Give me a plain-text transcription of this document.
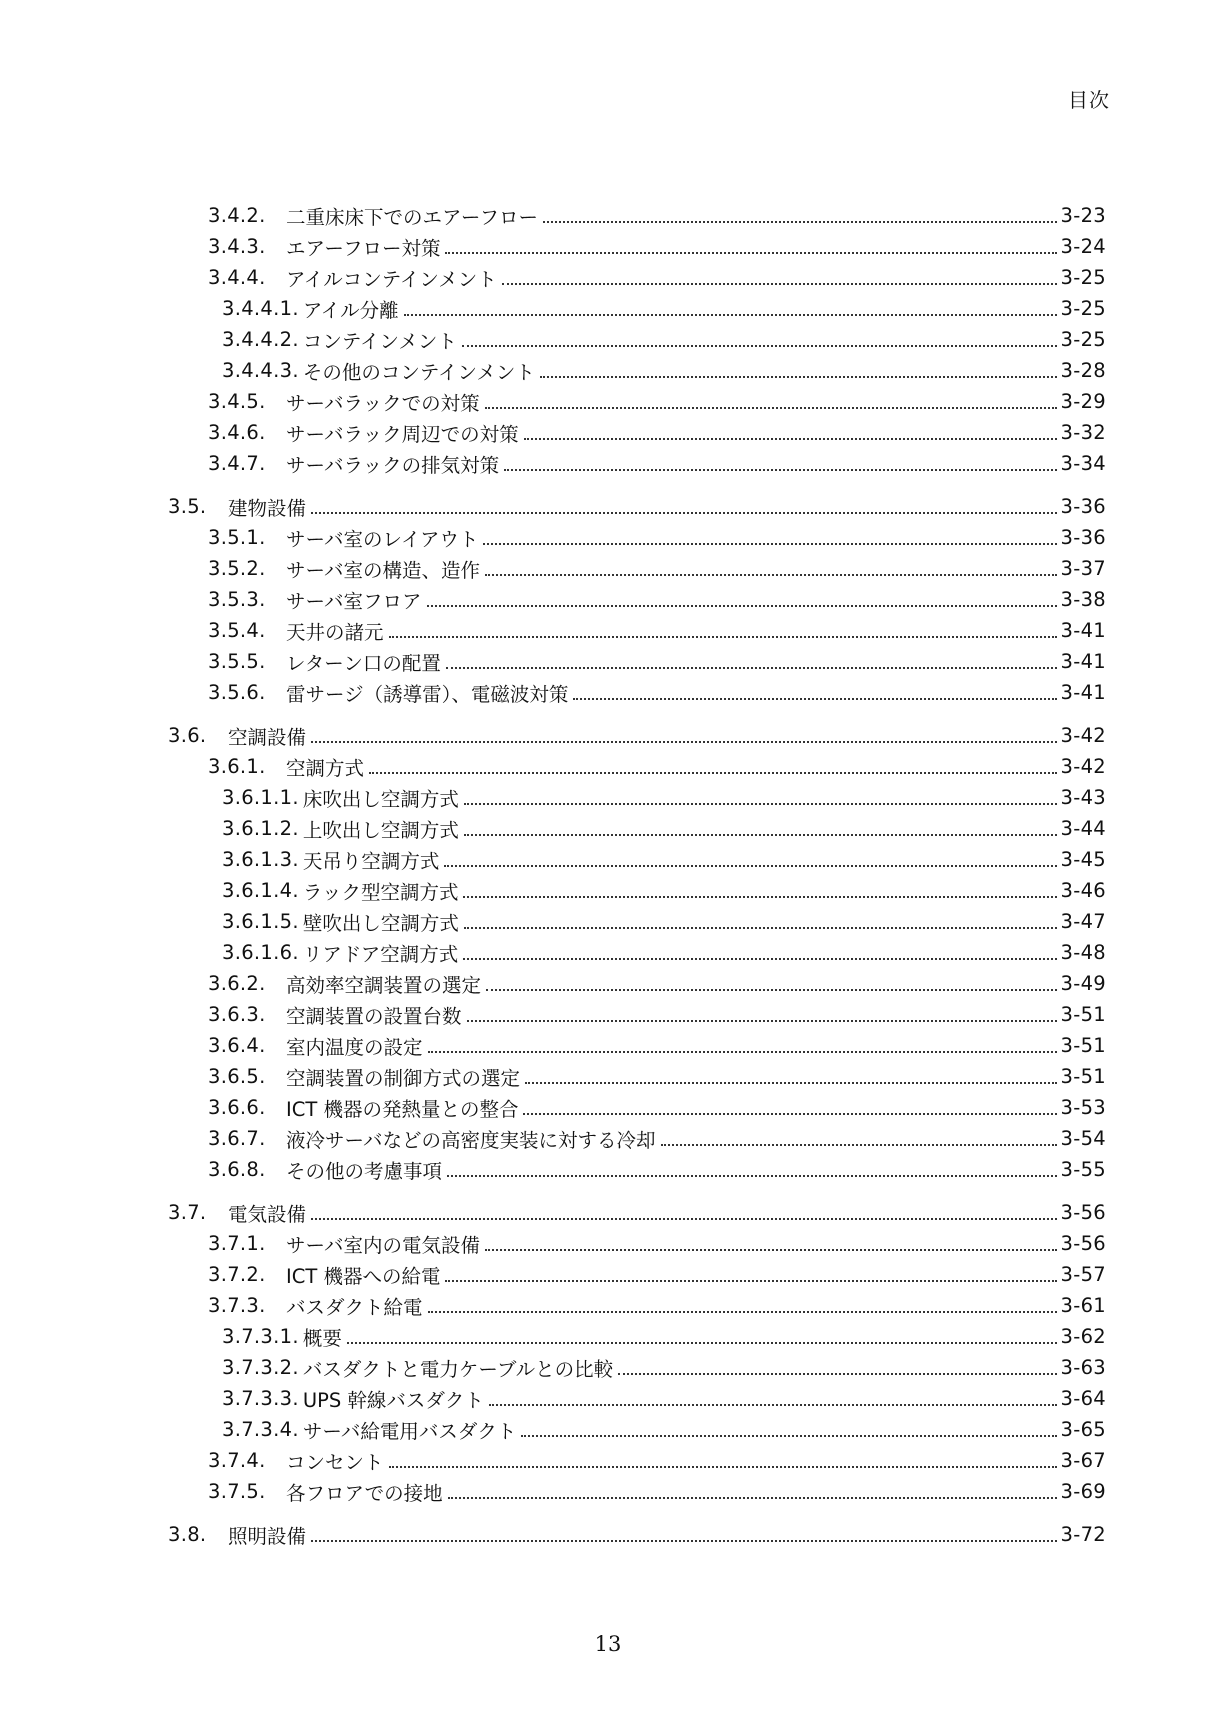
目次
3.4.2.	二重床床下でのエアーフロー	3-23
3.4.3.	エアーフロー対策	3-24
3.4.4.	アイルコンテインメント	3-25
3.4.4.1. アイル分離	3-25
3.4.4.2. コンテインメント	3-25
3.4.4.3. その他のコンテインメント	3-28
3.4.5.	サーバラックでの対策	3-29
3.4.6.	サーバラック周辺での対策	3-32
3.4.7.	サーバラックの排気対策	3-34
3.5.	建物設備	3-36
3.5.1.	サーバ室のレイアウト	3-36
3.5.2.	サーバ室の構造、造作	3-37
3.5.3.	サーバ室フロア	3-38
3.5.4.	天井の諸元	3-41
3.5.5.	レターン口の配置	3-41
3.5.6.	雷サージ（誘導雷）、電磁波対策	3-41
3.6.	空調設備	3-42
3.6.1.	空調方式	3-42
3.6.1.1. 床吹出し空調方式	3-43
3.6.1.2. 上吹出し空調方式	3-44
3.6.1.3. 天吊り空調方式	3-45
3.6.1.4. ラック型空調方式	3-46
3.6.1.5. 壁吹出し空調方式	3-47
3.6.1.6. リアドア空調方式	3-48
3.6.2.	高効率空調装置の選定	3-49
3.6.3.	空調装置の設置台数	3-51
3.6.4.	室内温度の設定	3-51
3.6.5.	空調装置の制御方式の選定	3-51
3.6.6.	ICT 機器の発熱量との整合	3-53
3.6.7.	液冷サーバなどの高密度実装に対する冷却	3-54
3.6.8.	その他の考慮事項	3-55
3.7.	電気設備	3-56
3.7.1.	サーバ室内の電気設備	3-56
3.7.2.	ICT 機器への給電	3-57
3.7.3.	バスダクト給電	3-61
3.7.3.1. 概要	3-62
3.7.3.2. バスダクトと電力ケーブルとの比較	3-63
3.7.3.3. UPS 幹線バスダクト	3-64
3.7.3.4. サーバ給電用バスダクト	3-65
3.7.4.	コンセント	3-67
3.7.5.	各フロアでの接地	3-69
3.8.	照明設備	3-72
13
